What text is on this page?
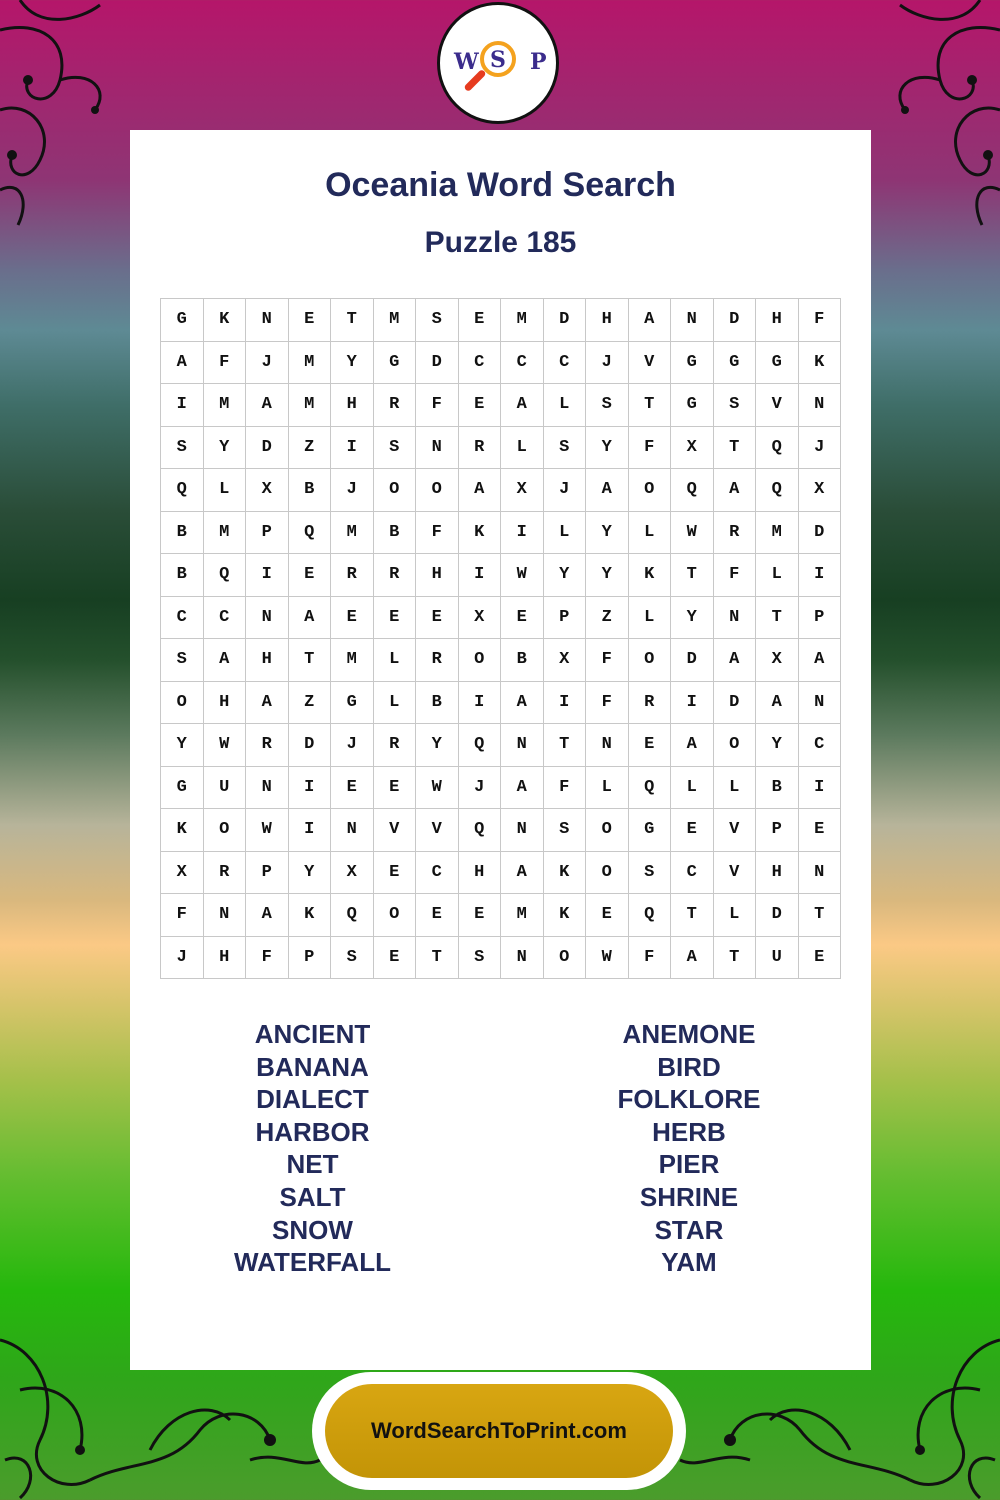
W S P
Oceania Word Search
Puzzle 185
G	K	N	E	T	M	S	E	M	D	H	A	N	D	H	F
A	F	J	M	Y	G	D	C	C	C	J	V	G	G	G	K
I	M	A	M	H	R	F	E	A	L	S	T	G	S	V	N
S	Y	D	Z	I	S	N	R	L	S	Y	F	X	T	Q	J
Q	L	X	B	J	O	O	A	X	J	A	O	Q	A	Q	X
B	M	P	Q	M	B	F	K	I	L	Y	L	W	R	M	D
B	Q	I	E	R	R	H	I	W	Y	Y	K	T	F	L	I
C	C	N	A	E	E	E	X	E	P	Z	L	Y	N	T	P
S	A	H	T	M	L	R	O	B	X	F	O	D	A	X	A
O	H	A	Z	G	L	B	I	A	I	F	R	I	D	A	N
Y	W	R	D	J	R	Y	Q	N	T	N	E	A	O	Y	C
G	U	N	I	E	E	W	J	A	F	L	Q	L	L	B	I
K	O	W	I	N	V	V	Q	N	S	O	G	E	V	P	E
X	R	P	Y	X	E	C	H	A	K	O	S	C	V	H	N
F	N	A	K	Q	O	E	E	M	K	E	Q	T	L	D	T
J	H	F	P	S	E	T	S	N	O	W	F	A	T	U	E
ANCIENT
BANANA
DIALECT
HARBOR
NET
SALT
SNOW
WATERFALL
ANEMONE
BIRD
FOLKLORE
HERB
PIER
SHRINE
STAR
YAM
WordSearchToPrint.com
